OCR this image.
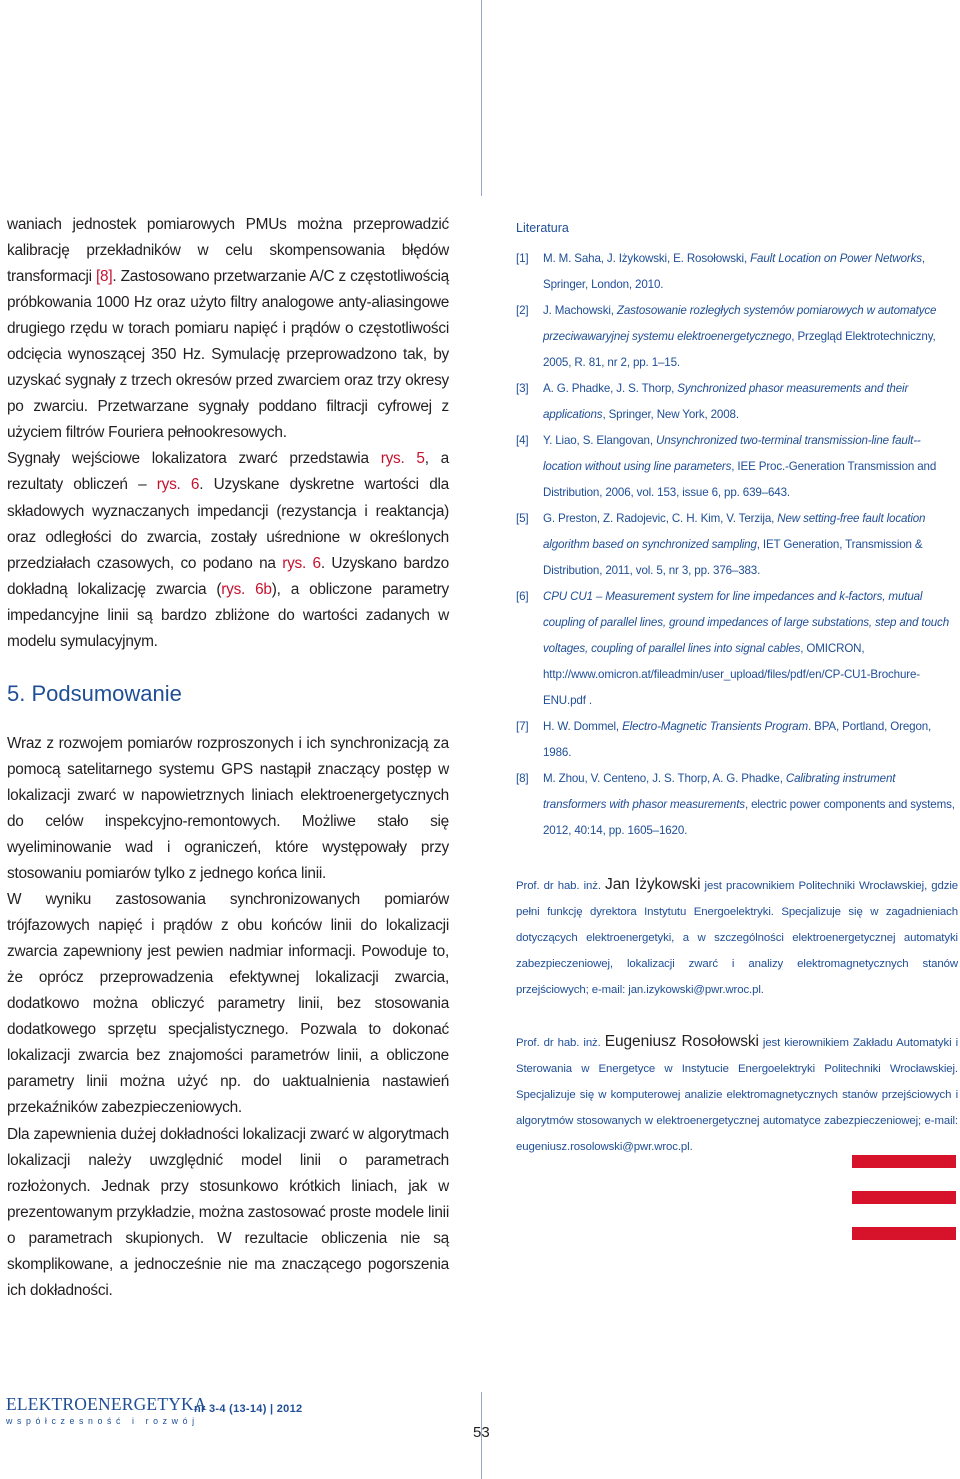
waniach jednostek pomiarowych PMUs można przeprowadzić kalibrację przekładników w celu skompensowania błędów transformacji [8]. Zastosowano przetwarzanie A/C z częstotliwością próbkowania 1000 Hz oraz użyto filtry analogowe anty-aliasingowe drugiego rzędu w torach pomiaru napięć i prądów o częstotliwości odcięcia wynoszącej 350 Hz. Symulację przeprowadzono tak, by uzyskać sygnały z trzech okresów przed zwarciem oraz trzy okresy po zwarciu. Przetwarzane sygnały poddano filtracji cyfrowej z użyciem filtrów Fouriera pełnookresowych.

Sygnały wejściowe lokalizatora zwarć przedstawia rys. 5, a rezultaty obliczeń – rys. 6. Uzyskane dyskretne wartości dla składowych wyznaczanych impedancji (rezystancja i reaktancja) oraz odległości do zwarcia, zostały uśrednione w określonych przedziałach czasowych, co podano na rys. 6. Uzyskano bardzo dokładną lokalizację zwarcia (rys. 6b), a obliczone parametry impedancyjne linii są bardzo zbliżone do wartości zadanych w modelu symulacyjnym.

5. Podsumowanie

Wraz z rozwojem pomiarów rozproszonych i ich synchronizacją za pomocą satelitarnego systemu GPS nastąpił znaczący postęp w lokalizacji zwarć w napowietrznych liniach elektroenergetycznych do celów inspekcyjno-remontowych. Możliwe stało się wyeliminowanie wad i ograniczeń, które występowały przy stosowaniu pomiarów tylko z jednego końca linii.

W wyniku zastosowania synchronizowanych pomiarów trójfazowych napięć i prądów z obu końców linii do lokalizacji zwarcia zapewniony jest pewien nadmiar informacji. Powoduje to, że oprócz przeprowadzenia efektywnej lokalizacji zwarcia, dodatkowo można obliczyć parametry linii, bez stosowania dodatkowego sprzętu specjalistycznego. Pozwala to dokonać lokalizacji zwarcia bez znajomości parametrów linii, a obliczone parametry linii można użyć np. do uaktualnienia nastawień przekaźników zabezpieczeniowych.

Dla zapewnienia dużej dokładności lokalizacji zwarć w algorytmach lokalizacji należy uwzględnić model linii o parametrach rozłożonych. Jednak przy stosunkowo krótkich liniach, jak w prezentowanym przykładzie, można zastosować proste modele linii o parametrach skupionych. W rezultacie obliczenia nie są skomplikowane, a jednocześnie nie ma znaczącego pogorszenia ich dokładności.

Literatura
[1] M. M. Saha, J. Iżykowski, E. Rosołowski, Fault Location on Power Networks, Springer, London, 2010.
[2] J. Machowski, Zastosowanie rozległych systemów pomiarowych w automatyce przeciwawaryjnej systemu elektroenergetycznego, Przegląd Elektrotechniczny, 2005, R. 81, nr 2, pp. 1–15.
[3] A. G. Phadke, J. S. Thorp, Synchronized phasor measurements and their applications, Springer, New York, 2008.
[4] Y. Liao, S. Elangovan, Unsynchronized two-terminal transmission-line fault--location without using line parameters, IEE Proc.-Generation Transmission and Distribution, 2006, vol. 153, issue 6, pp. 639–643.
[5] G. Preston, Z. Radojevic, C. H. Kim, V. Terzija, New setting-free fault location algorithm based on synchronized sampling, IET Generation, Transmission & Distribution, 2011, vol. 5, nr 3, pp. 376–383.
[6] CPU CU1 – Measurement system for line impedances and k-factors, mutual coupling of parallel lines, ground impedances of large substations, step and touch voltages, coupling of parallel lines into signal cables, OMICRON, http://www.omicron.at/fileadmin/user_upload/files/pdf/en/CP-CU1-Brochure-ENU.pdf .
[7] H. W. Dommel, Electro-Magnetic Transients Program. BPA, Portland, Oregon, 1986.
[8] M. Zhou, V. Centeno, J. S. Thorp, A. G. Phadke, Calibrating instrument transformers with phasor measurements, electric power components and systems, 2012, 40:14, pp. 1605–1620.

Prof. dr hab. inż. Jan Iżykowski jest pracownikiem Politechniki Wrocławskiej, gdzie pełni funkcję dyrektora Instytutu Energoelektryki. Specjalizuje się w zagadnieniach dotyczących elektroenergetyki, a w szczególności elektroenergetycznej automatyki zabezpieczeniowej, lokalizacji zwarć i analizy elektromagnetycznych stanów przejściowych; e-mail: jan.izykowski@pwr.wroc.pl.

Prof. dr hab. inż. Eugeniusz Rosołowski jest kierownikiem Zakładu Automatyki i Sterowania w Energetyce w Instytucie Energoelektryki Politechniki Wrocławskiej. Specjalizuje się w komputerowej analizie elektromagnetycznych stanów przejściowych i algorytmów stosowanych w elektroenergetycznej automatyce zabezpieczeniowej; e-mail: eugeniusz.rosolowski@pwr.wroc.pl.

ELEKTROENERGETYKA
współczesność i rozwój
nr 3-4 (13-14) | 2012
53
